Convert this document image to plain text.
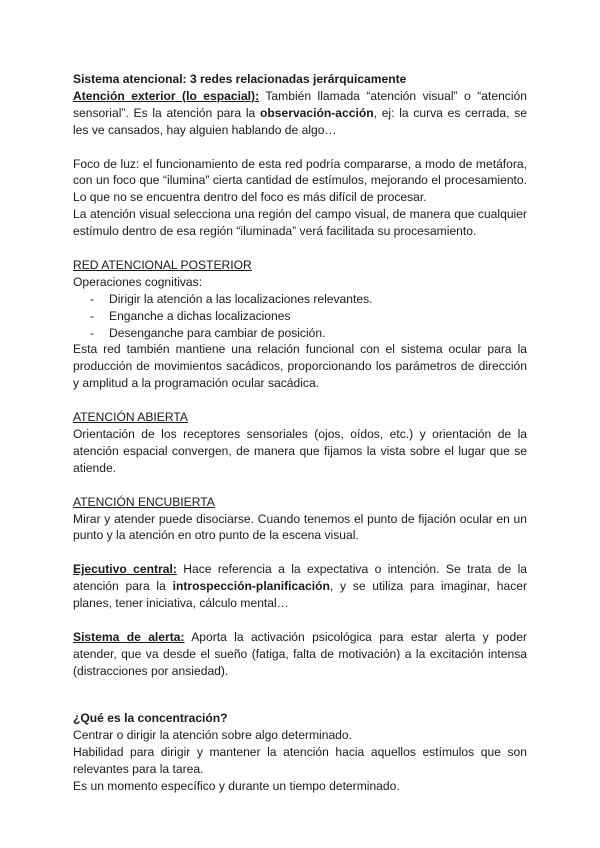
Sistema atencional: 3 redes relacionadas jerárquicamente

Atención exterior (lo espacial): También llamada “atención visual” o “atención sensorial”. Es la atención para la observación-acción, ej: la curva es cerrada, se les ve cansados, hay alguien hablando de algo…

Foco de luz: el funcionamiento de esta red podría compararse, a modo de metáfora, con un foco que “ilumina” cierta cantidad de estímulos, mejorando el procesamiento. Lo que no se encuentra dentro del foco es más difícil de procesar.

La atención visual selecciona una región del campo visual, de manera que cualquier estímulo dentro de esa región “iluminada” verá facilitada su procesamiento.

RED ATENCIONAL POSTERIOR

Operaciones cognitivas:

- Dirigir la atención a las localizaciones relevantes.
- Enganche a dichas localizaciones
- Desenganche para cambiar de posición.

Esta red también mantiene una relación funcional con el sistema ocular para la producción de movimientos sacádicos, proporcionando los parámetros de dirección y amplitud a la programación ocular sacádica.

ATENCIÓN ABIERTA

Orientación de los receptores sensoriales (ojos, oídos, etc.) y orientación de la atención espacial convergen, de manera que fijamos la vista sobre el lugar que se atiende.

ATENCIÓN ENCUBIERTA

Mirar y atender puede disociarse. Cuando tenemos el punto de fijación ocular en un punto y la atención en otro punto de la escena visual.

Ejecutivo central: Hace referencia a la expectativa o intención. Se trata de la atención para la introspección-planificación, y se utiliza para imaginar, hacer planes, tener iniciativa, cálculo mental…

Sistema de alerta: Aporta la activación psicológica para estar alerta y poder atender, que va desde el sueño (fatiga, falta de motivación) a la excitación intensa (distracciones por ansiedad).

¿Qué es la concentración?

Centrar o dirigir la atención sobre algo determinado.

Habilidad para dirigir y mantener la atención hacia aquellos estímulos que son relevantes para la tarea.

Es un momento específico y durante un tiempo determinado.
